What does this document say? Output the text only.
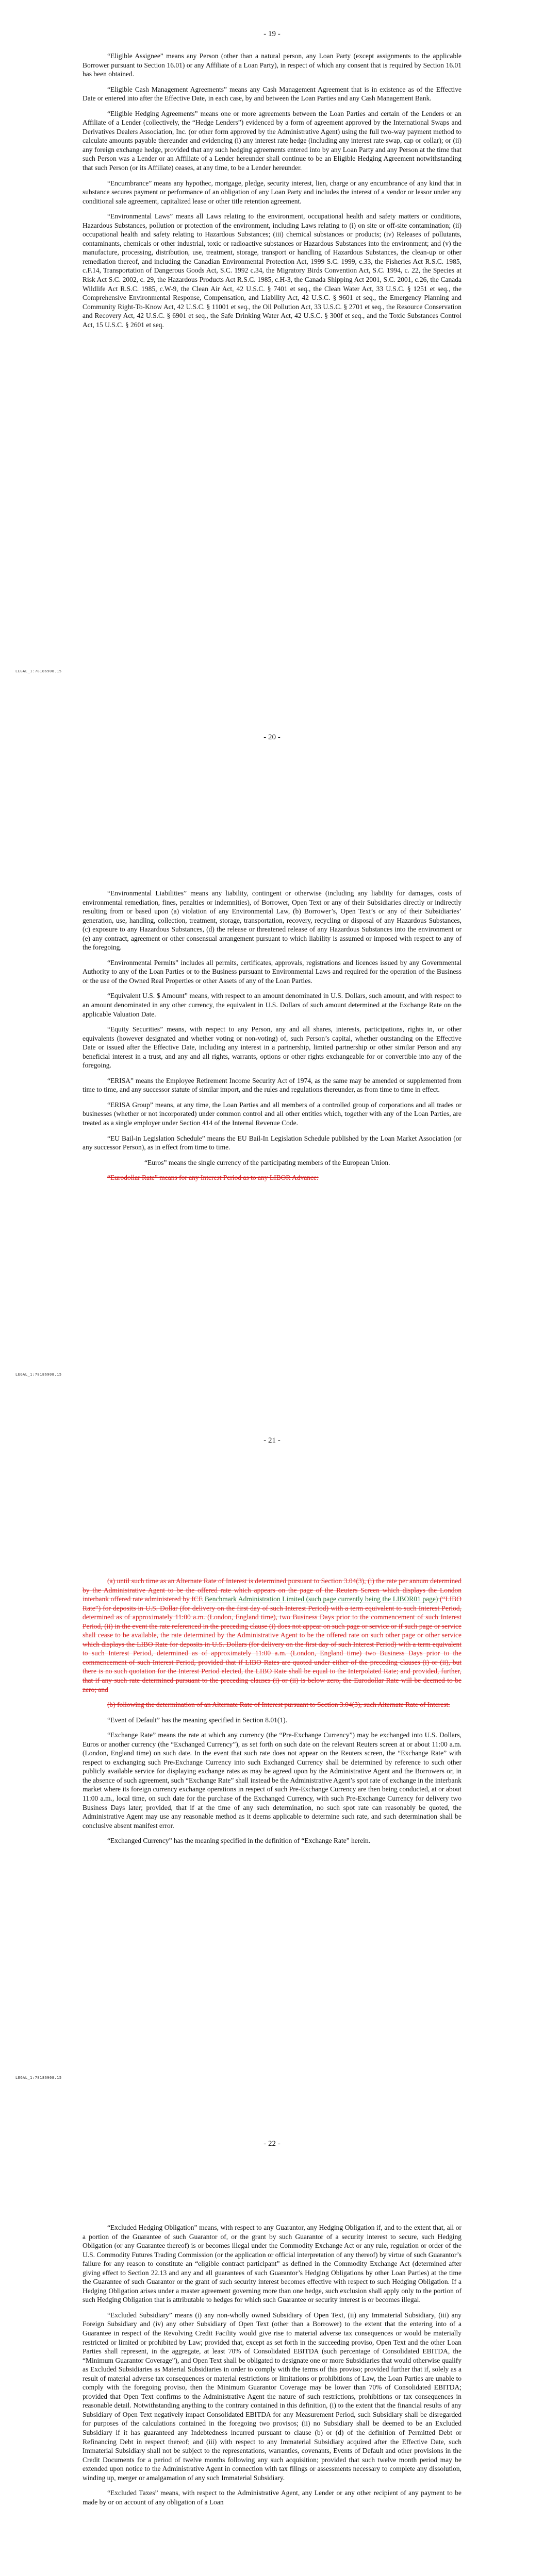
- 19 -

“Eligible Assignee” means any Person (other than a natural person, any Loan Party (except assignments to the applicable Borrower pursuant to Section 16.01) or any Affiliate of a Loan Party), in respect of which any consent that is required by Section 16.01 has been obtained.

“Eligible Cash Management Agreements” means any Cash Management Agreement that is in existence as of the Effective Date or entered into after the Effective Date, in each case, by and between the Loan Parties and any Cash Management Bank.

“Eligible Hedging Agreements” means one or more agreements between the Loan Parties and certain of the Lenders or an Affiliate of a Lender (collectively, the “Hedge Lenders”) evidenced by a form of agreement approved by the International Swaps and Derivatives Dealers Association, Inc. (or other form approved by the Administrative Agent) using the full two-way payment method to calculate amounts payable thereunder and evidencing (i) any interest rate hedge (including any interest rate swap, cap or collar); or (ii) any foreign exchange hedge, provided that any such hedging agreements entered into by any Loan Party and any Person at the time that such Person was a Lender or an Affiliate of a Lender hereunder shall continue to be an Eligible Hedging Agreement notwithstanding that such Person (or its Affiliate) ceases, at any time, to be a Lender hereunder.

“Encumbrance” means any hypothec, mortgage, pledge, security interest, lien, charge or any encumbrance of any kind that in substance secures payment or performance of an obligation of any Loan Party and includes the interest of a vendor or lessor under any conditional sale agreement, capitalized lease or other title retention agreement.

“Environmental Laws” means all Laws relating to the environment, occupational health and safety matters or conditions, Hazardous Substances, pollution or protection of the environment, including Laws relating to (i) on site or off-site contamination; (ii) occupational health and safety relating to Hazardous Substances; (iii) chemical substances or products; (iv) Releases of pollutants, contaminants, chemicals or other industrial, toxic or radioactive substances or Hazardous Substances into the environment; and (v) the manufacture, processing, distribution, use, treatment, storage, transport or handling of Hazardous Substances, the clean-up or other remediation thereof, and including the Canadian Environmental Protection Act, 1999 S.C. 1999, c.33, the Fisheries Act R.S.C. 1985, c.F.14, Transportation of Dangerous Goods Act, S.C. 1992 c.34, the Migratory Birds Convention Act, S.C. 1994, c. 22, the Species at Risk Act S.C. 2002, c. 29, the Hazardous Products Act R.S.C. 1985, c.H-3, the Canada Shipping Act 2001, S.C. 2001, c.26, the Canada Wildlife Act R.S.C. 1985, c.W-9, the Clean Air Act, 42 U.S.C. § 7401 et seq., the Clean Water Act, 33 U.S.C. § 1251 et seq., the Comprehensive Environmental Response, Compensation, and Liability Act, 42 U.S.C. § 9601 et seq., the Emergency Planning and Community Right-To-Know Act, 42 U.S.C. § 11001 et seq., the Oil Pollution Act, 33 U.S.C. § 2701 et seq., the Resource Conservation and Recovery Act, 42 U.S.C. § 6901 et seq., the Safe Drinking Water Act, 42 U.S.C. § 300f et seq., and the Toxic Substances Control Act, 15 U.S.C. § 2601 et seq.

LEGAL_1:78186908.15
- 20 -

“Environmental Liabilities” means any liability, contingent or otherwise (including any liability for damages, costs of environmental remediation, fines, penalties or indemnities), of Borrower, Open Text or any of their Subsidiaries directly or indirectly resulting from or based upon (a) violation of any Environmental Law, (b) Borrower’s, Open Text’s or any of their Subsidiaries’ generation, use, handling, collection, treatment, storage, transportation, recovery, recycling or disposal of any Hazardous Substances, (c) exposure to any Hazardous Substances, (d) the release or threatened release of any Hazardous Substances into the environment or (e) any contract, agreement or other consensual arrangement pursuant to which liability is assumed or imposed with respect to any of the foregoing.

“Environmental Permits” includes all permits, certificates, approvals, registrations and licences issued by any Governmental Authority to any of the Loan Parties or to the Business pursuant to Environmental Laws and required for the operation of the Business or the use of the Owned Real Properties or other Assets of any of the Loan Parties.

“Equivalent U.S. $ Amount” means, with respect to an amount denominated in U.S. Dollars, such amount, and with respect to an amount denominated in any other currency, the equivalent in U.S. Dollars of such amount determined at the Exchange Rate on the applicable Valuation Date.

“Equity Securities” means, with respect to any Person, any and all shares, interests, participations, rights in, or other equivalents (however designated and whether voting or non-voting) of, such Person’s capital, whether outstanding on the Effective Date or issued after the Effective Date, including any interest in a partnership, limited partnership or other similar Person and any beneficial interest in a trust, and any and all rights, warrants, options or other rights exchangeable for or convertible into any of the foregoing.

“ERISA” means the Employee Retirement Income Security Act of 1974, as the same may be amended or supplemented from time to time, and any successor statute of similar import, and the rules and regulations thereunder, as from time to time in effect.

“ERISA Group” means, at any time, the Loan Parties and all members of a controlled group of corporations and all trades or businesses (whether or not incorporated) under common control and all other entities which, together with any of the Loan Parties, are treated as a single employer under Section 414 of the Internal Revenue Code.

“EU Bail-in Legislation Schedule” means the EU Bail-In Legislation Schedule published by the Loan Market Association (or any successor Person), as in effect from time to time.

“Euros” means the single currency of the participating members of the European Union.

“Eurodollar Rate” means for any Interest Period as to any LIBOR Advance:

LEGAL_1:78186908.15
- 21 -

(a) until such time as an Alternate Rate of Interest is determined pursuant to Section 3.04(3), (i) the rate per annum determined by the Administrative Agent to be the offered rate which appears on the page of the Reuters Screen which displays the London interbank offered rate administered by ICE Benchmark Administration Limited (such page currently being the LIBOR01 page) (“LIBO Rate”) for deposits in U.S. Dollar (for delivery on the first day of such Interest Period) with a term equivalent to such Interest Period, determined as of approximately 11:00 a.m. (London, England time), two Business Days prior to the commencement of such Interest Period, (ii) in the event the rate referenced in the preceding clause (i) does not appear on such page or service or if such page or service shall cease to be available, the rate determined by the Administrative Agent to be the offered rate on such other page or other service which displays the LIBO Rate for deposits in U.S. Dollars (for delivery on the first day of such Interest Period) with a term equivalent to such Interest Period, determined as of approximately 11:00 a.m. (London, England time) two Business Days prior to the commencement of such Interest Period, provided that if LIBO Rates are quoted under either of the preceding clauses (i) or (ii), but there is no such quotation for the Interest Period elected, the LIBO Rate shall be equal to the Interpolated Rate; and provided, further, that if any such rate determined pursuant to the preceding clauses (i) or (ii) is below zero, the Eurodollar Rate will be deemed to be zero; and

(b) following the determination of an Alternate Rate of Interest pursuant to Section 3.04(3), such Alternate Rate of Interest.

“Event of Default” has the meaning specified in Section 8.01(1).

“Exchange Rate” means the rate at which any currency (the “Pre-Exchange Currency”) may be exchanged into U.S. Dollars, Euros or another currency (the “Exchanged Currency”), as set forth on such date on the relevant Reuters screen at or about 11:00 a.m. (London, England time) on such date. In the event that such rate does not appear on the Reuters screen, the “Exchange Rate” with respect to exchanging such Pre-Exchange Currency into such Exchanged Currency shall be determined by reference to such other publicly available service for displaying exchange rates as may be agreed upon by the Administrative Agent and the Borrowers or, in the absence of such agreement, such “Exchange Rate” shall instead be the Administrative Agent’s spot rate of exchange in the interbank market where its foreign currency exchange operations in respect of such Pre-Exchange Currency are then being conducted, at or about 11:00 a.m., local time, on such date for the purchase of the Exchanged Currency, with such Pre-Exchange Currency for delivery two Business Days later; provided, that if at the time of any such determination, no such spot rate can reasonably be quoted, the Administrative Agent may use any reasonable method as it deems applicable to determine such rate, and such determination shall be conclusive absent manifest error.

“Exchanged Currency” has the meaning specified in the definition of “Exchange Rate” herein.

LEGAL_1:78186908.15
- 22 -

“Excluded Hedging Obligation” means, with respect to any Guarantor, any Hedging Obligation if, and to the extent that, all or a portion of the Guarantee of such Guarantor of, or the grant by such Guarantor of a security interest to secure, such Hedging Obligation (or any Guarantee thereof) is or becomes illegal under the Commodity Exchange Act or any rule, regulation or order of the U.S. Commodity Futures Trading Commission (or the application or official interpretation of any thereof) by virtue of such Guarantor’s failure for any reason to constitute an “eligible contract participant” as defined in the Commodity Exchange Act (determined after giving effect to Section 22.13 and any and all guarantees of such Guarantor’s Hedging Obligations by other Loan Parties) at the time the Guarantee of such Guarantor or the grant of such security interest becomes effective with respect to such Hedging Obligation. If a Hedging Obligation arises under a master agreement governing more than one hedge, such exclusion shall apply only to the portion of such Hedging Obligation that is attributable to hedges for which such Guarantee or security interest is or becomes illegal.

“Excluded Subsidiary” means (i) any non-wholly owned Subsidiary of Open Text, (ii) any Immaterial Subsidiary, (iii) any Foreign Subsidiary and (iv) any other Subsidiary of Open Text (other than a Borrower) to the extent that the entering into of a Guarantee in respect of the Revolving Credit Facility would give rise to material adverse tax consequences or would be materially restricted or limited or prohibited by Law; provided that, except as set forth in the succeeding proviso, Open Text and the other Loan Parties shall represent, in the aggregate, at least 70% of Consolidated EBITDA (such percentage of Consolidated EBITDA, the “Minimum Guarantor Coverage”), and Open Text shall be obligated to designate one or more Subsidiaries that would otherwise qualify as Excluded Subsidiaries as Material Subsidiaries in order to comply with the terms of this proviso; provided further that if, solely as a result of material adverse tax consequences or material restrictions or limitations or prohibitions of Law, the Loan Parties are unable to comply with the foregoing proviso, then the Minimum Guarantor Coverage may be lower than 70% of Consolidated EBITDA; provided that Open Text confirms to the Administrative Agent the nature of such restrictions, prohibitions or tax consequences in reasonable detail. Notwithstanding anything to the contrary contained in this definition, (i) to the extent that the financial results of any Subsidiary of Open Text negatively impact Consolidated EBITDA for any Measurement Period, such Subsidiary shall be disregarded for purposes of the calculations contained in the foregoing two provisos; (ii) no Subsidiary shall be deemed to be an Excluded Subsidiary if it has guaranteed any Indebtedness incurred pursuant to clause (b) or (d) of the definition of Permitted Debt or Refinancing Debt in respect thereof; and (iii) with respect to any Immaterial Subsidiary acquired after the Effective Date, such Immaterial Subsidiary shall not be subject to the representations, warranties, covenants, Events of Default and other provisions in the Credit Documents for a period of twelve months following any such acquisition; provided that such twelve month period may be extended upon notice to the Administrative Agent in connection with tax filings or assessments necessary to complete any dissolution, winding up, merger or amalgamation of any such Immaterial Subsidiary.

“Excluded Taxes” means, with respect to the Administrative Agent, any Lender or any other recipient of any payment to be made by or on account of any obligation of a Loan
